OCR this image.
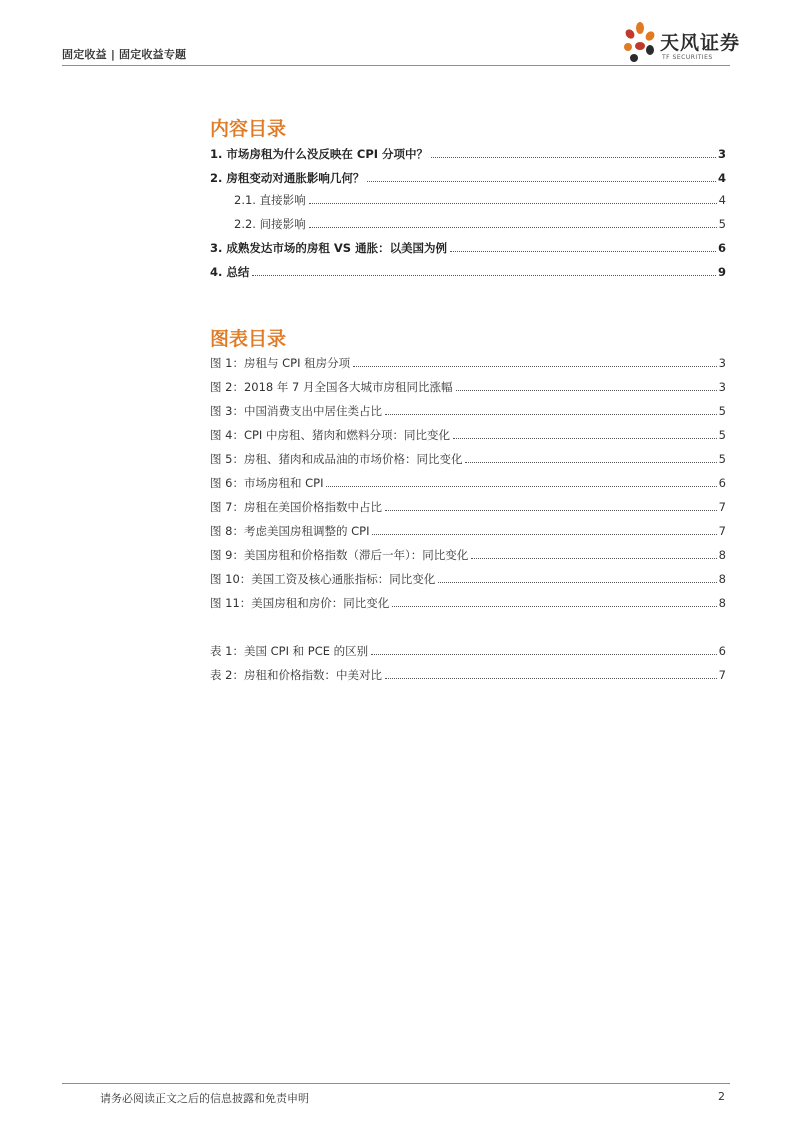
固定收益 | 固定收益专题
天风证券
TF SECURITIES
内容目录
1. 市场房租为什么没反映在 CPI 分项中？	3
2. 房租变动对通胀影响几何？	4
2.1. 直接影响	4
2.2. 间接影响	5
3. 成熟发达市场的房租 VS 通胀：以美国为例	6
4. 总结	9
图表目录
图 1：房租与 CPI 租房分项	3
图 2：2018 年 7 月全国各大城市房租同比涨幅	3
图 3：中国消费支出中居住类占比	5
图 4：CPI 中房租、猪肉和燃料分项：同比变化	5
图 5：房租、猪肉和成品油的市场价格：同比变化	5
图 6：市场房租和 CPI	6
图 7：房租在美国价格指数中占比	7
图 8：考虑美国房租调整的 CPI	7
图 9：美国房租和价格指数（滞后一年）：同比变化	8
图 10：美国工资及核心通胀指标：同比变化	8
图 11：美国房租和房价：同比变化	8
表 1：美国 CPI 和 PCE 的区别	6
表 2：房租和价格指数：中美对比	7
请务必阅读正文之后的信息披露和免责申明	2
